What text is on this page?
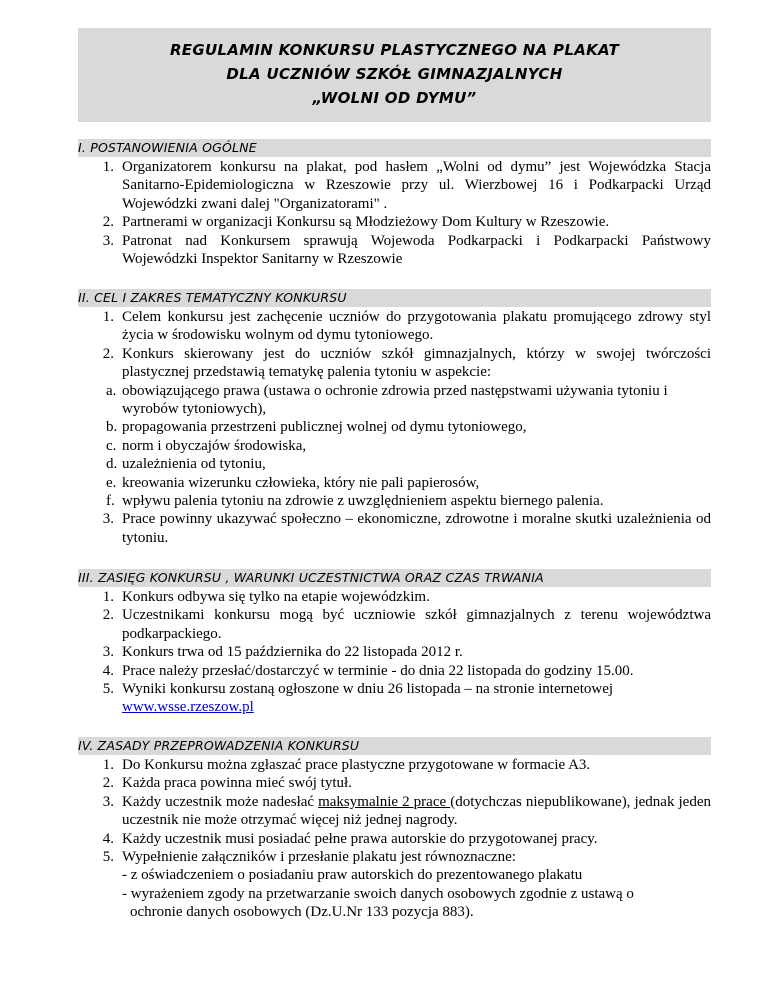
REGULAMIN KONKURSU PLASTYCZNEGO NA PLAKAT
DLA UCZNIÓW SZKÓŁ GIMNAZJALNYCH
„WOLNI OD DYMU”
I. POSTANOWIENIA OGÓLNE
1. Organizatorem konkursu na plakat, pod hasłem „Wolni od dymu” jest Wojewódzka Stacja Sanitarno-Epidemiologiczna w Rzeszowie przy ul. Wierzbowej 16 i Podkarpacki Urząd Wojewódzki zwani dalej "Organizatorami" .
2. Partnerami w organizacji Konkursu są Młodzieżowy Dom Kultury w Rzeszowie.
3. Patronat nad Konkursem sprawują Wojewoda Podkarpacki i Podkarpacki Państwowy Wojewódzki Inspektor Sanitarny w Rzeszowie
II. CEL I ZAKRES TEMATYCZNY KONKURSU
1. Celem konkursu jest zachęcenie uczniów do przygotowania plakatu promującego zdrowy styl życia w środowisku wolnym od dymu tytoniowego.
2. Konkurs skierowany jest do uczniów szkół gimnazjalnych, którzy w swojej twórczości plastycznej przedstawią tematykę palenia tytoniu w aspekcie:
a. obowiązującego prawa (ustawa o ochronie zdrowia przed następstwami używania tytoniu i wyrobów tytoniowych),
b. propagowania przestrzeni publicznej wolnej od dymu tytoniowego,
c. norm i obyczajów środowiska,
d. uzależnienia od tytoniu,
e. kreowania wizerunku człowieka, który nie pali papierosów,
f. wpływu palenia tytoniu na zdrowie z uwzględnieniem aspektu biernego palenia.
3. Prace powinny ukazywać społeczno – ekonomiczne, zdrowotne i moralne skutki uzależnienia od tytoniu.
III. ZASIĘG KONKURSU , WARUNKI UCZESTNICTWA ORAZ CZAS TRWANIA
1. Konkurs odbywa się tylko na etapie wojewódzkim.
2. Uczestnikami konkursu mogą być uczniowie szkół gimnazjalnych z terenu województwa podkarpackiego.
3. Konkurs trwa od 15 października do 22 listopada 2012 r.
4. Prace należy przesłać/dostarczyć w terminie - do dnia 22 listopada do godziny 15.00.
5. Wyniki konkursu zostaną ogłoszone w dniu 26 listopada – na stronie internetowej
www.wsse.rzeszow.pl
IV. ZASADY PRZEPROWADZENIA KONKURSU
1. Do Konkursu można zgłaszać prace plastyczne przygotowane w formacie A3.
2. Każda praca powinna mieć swój tytuł.
3. Każdy uczestnik może nadesłać maksymalnie 2 prace (dotychczas niepublikowane), jednak jeden uczestnik nie może otrzymać więcej niż jednej nagrody.
4. Każdy uczestnik musi posiadać pełne prawa autorskie do przygotowanej pracy.
5. Wypełnienie załączników i przesłanie plakatu jest równoznaczne:
- z oświadczeniem o posiadaniu praw autorskich do prezentowanego plakatu
- wyrażeniem zgody na przetwarzanie swoich danych osobowych zgodnie z ustawą o
ochronie danych osobowych (Dz.U.Nr 133 pozycja 883).
